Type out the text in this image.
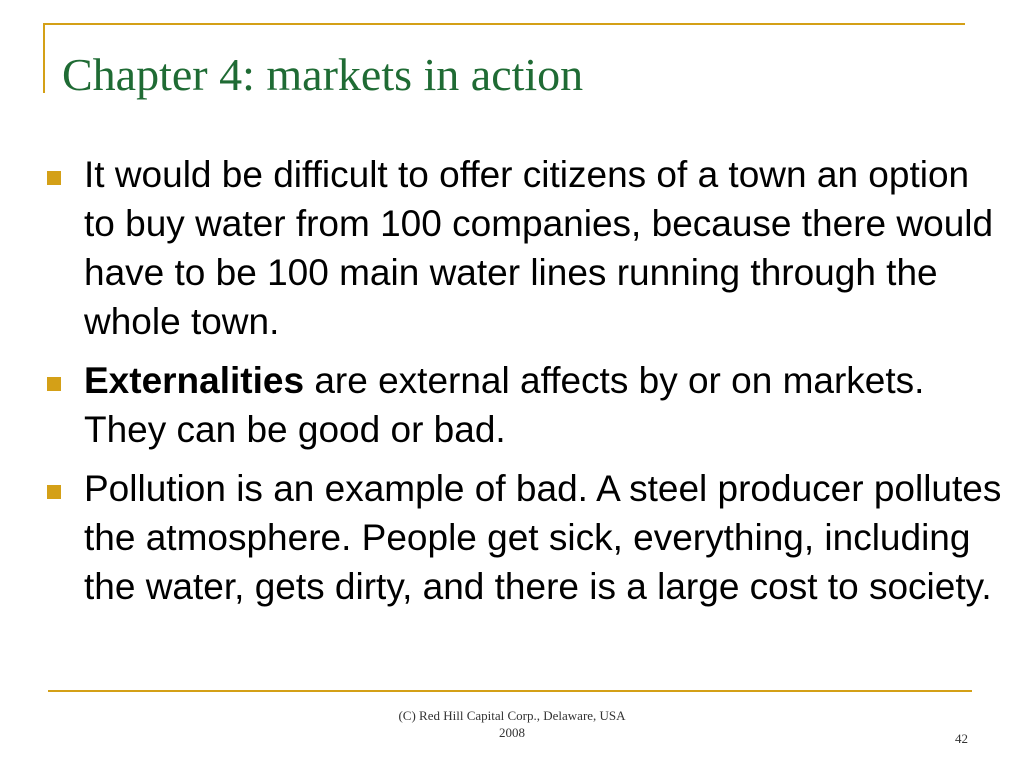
Chapter 4: markets in action
It would be difficult to offer citizens of a town an option to buy water from 100 companies, because there would have to be 100 main water lines running through the whole town.
Externalities are external affects by or on markets. They can be good or bad.
Pollution is an example of bad. A steel producer pollutes the atmosphere. People get sick, everything, including the water, gets dirty, and there is a large cost to society.
(C) Red Hill Capital Corp., Delaware, USA
2008	42
